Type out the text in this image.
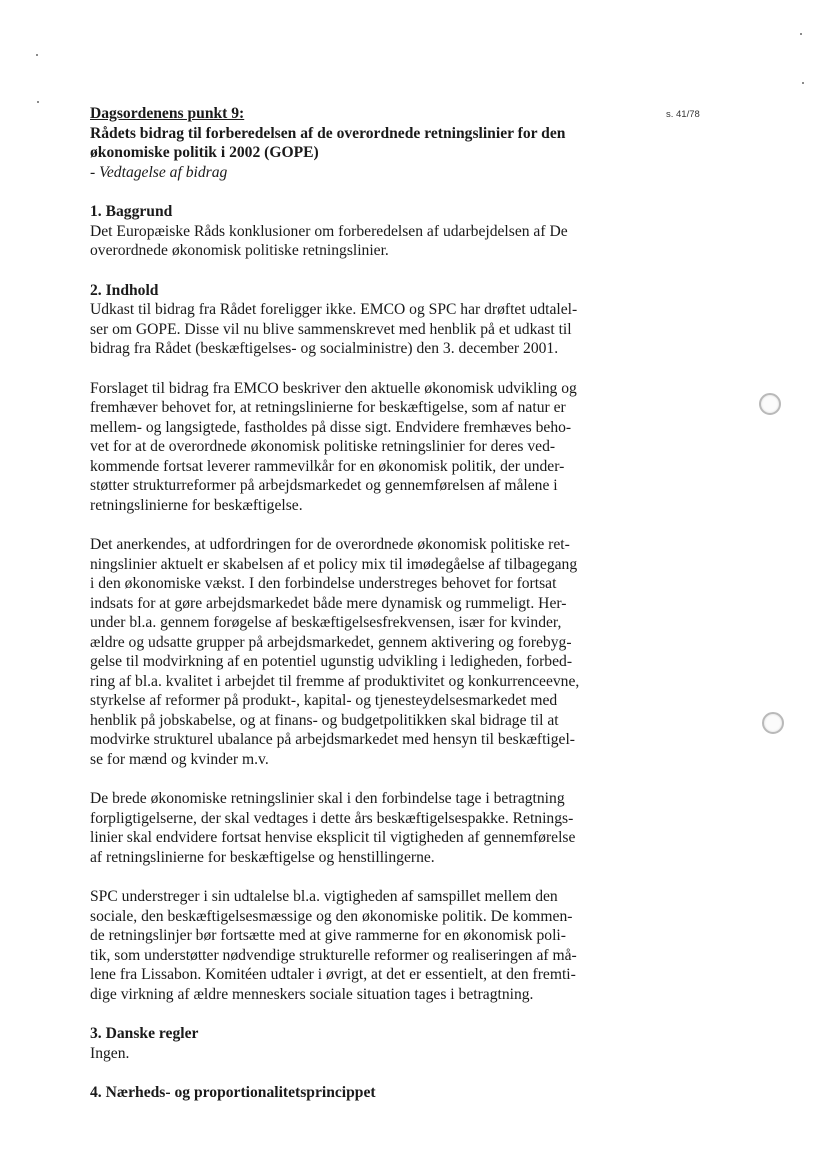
s. 41/78
Dagsordenens punkt 9:
Rådets bidrag til forberedelsen af de overordnede retningslinier for den
økonomiske politik i 2002 (GOPE)
- Vedtagelse af bidrag
1. Baggrund
Det Europæiske Råds konklusioner om forberedelsen af udarbejdelsen af De
overordnede økonomisk politiske retningslinier.
2. Indhold
Udkast til bidrag fra Rådet foreligger ikke. EMCO og SPC har drøftet udtalel-
ser om GOPE. Disse vil nu blive sammenskrevet med henblik på et udkast til
bidrag fra Rådet (beskæftigelses- og socialministre) den 3. december 2001.
Forslaget til bidrag fra EMCO beskriver den aktuelle økonomisk udvikling og
fremhæver behovet for, at retningslinierne for beskæftigelse, som af natur er
mellem- og langsigtede, fastholdes på disse sigt. Endvidere fremhæves beho-
vet for at de overordnede økonomisk politiske retningslinier for deres ved-
kommende fortsat leverer rammevilkår for en økonomisk politik, der under-
støtter strukturreformer på arbejdsmarkedet og gennemførelsen af målene i
retningslinierne for beskæftigelse.
Det anerkendes, at udfordringen for de overordnede økonomisk politiske ret-
ningslinier aktuelt er skabelsen af et policy mix til imødegåelse af tilbagegang
i den økonomiske vækst. I den forbindelse understreges behovet for fortsat
indsats for at gøre arbejdsmarkedet både mere dynamisk og rummeligt. Her-
under bl.a. gennem forøgelse af beskæftigelsesfrekvensen, især for kvinder,
ældre og udsatte grupper på arbejdsmarkedet, gennem aktivering og forebyg-
gelse til modvirkning af en potentiel ugunstig udvikling i ledigheden, forbed-
ring af bl.a. kvalitet i arbejdet til fremme af produktivitet og konkurrenceevne,
styrkelse af reformer på produkt-, kapital- og tjenesteydelsesmarkedet med
henblik på jobskabelse, og at finans- og budgetpolitikken skal bidrage til at
modvirke strukturel ubalance på arbejdsmarkedet med hensyn til beskæftigel-
se for mænd og kvinder m.v.
De brede økonomiske retningslinier skal i den forbindelse tage i betragtning
forpligtigelserne, der skal vedtages i dette års beskæftigelsespakke. Retnings-
linier skal endvidere fortsat henvise eksplicit til vigtigheden af gennemførelse
af retningslinierne for beskæftigelse og henstillingerne.
SPC understreger i sin udtalelse bl.a. vigtigheden af samspillet mellem den
sociale, den beskæftigelsesmæssige og den økonomiske politik. De kommen-
de retningslinjer bør fortsætte med at give rammerne for en økonomisk poli-
tik, som understøtter nødvendige strukturelle reformer og realiseringen af må-
lene fra Lissabon. Komitéen udtaler i øvrigt, at det er essentielt, at den fremti-
dige virkning af ældre menneskers sociale situation tages i betragtning.
3. Danske regler
Ingen.
4. Nærheds- og proportionalitetsprincippet
